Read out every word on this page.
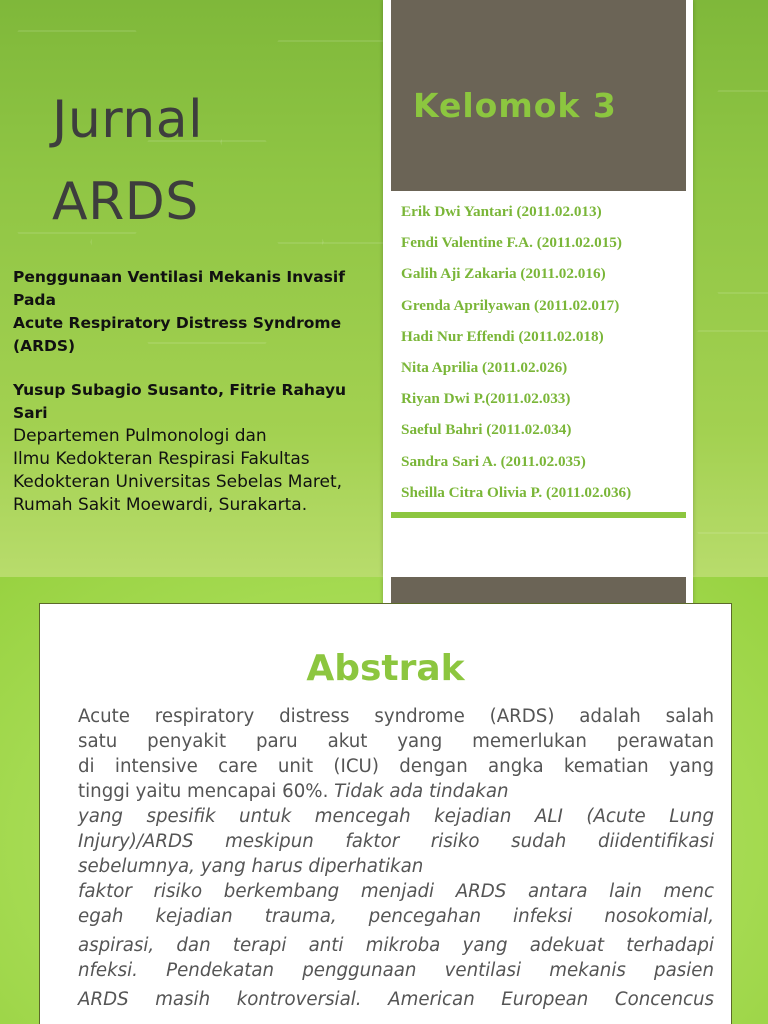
Jurnal
ARDS

Penggunaan Ventilasi Mekanis Invasif

Pada

Acute Respiratory Distress Syndrome

(ARDS)

Yusup Subagio Susanto, Fitrie Rahayu

Sari

Departemen Pulmonologi dan

Ilmu Kedokteran Respirasi Fakultas

Kedokteran Universitas Sebelas Maret,

Rumah Sakit Moewardi, Surakarta.

Kelomok 3
Erik Dwi Yantari (2011.02.013)
Fendi Valentine F.A. (2011.02.015)
Galih Aji Zakaria (2011.02.016)
Grenda Aprilyawan (2011.02.017)
Hadi Nur Effendi (2011.02.018)
Nita Aprilia (2011.02.026)
Riyan Dwi P.(2011.02.033)
Saeful Bahri (2011.02.034)
Sandra Sari A. (2011.02.035)
Sheilla Citra Olivia P. (2011.02.036)
Abstrak
Acute respiratory distress syndrome (ARDS) adalah salah
satu penyakit paru akut yang memerlukan perawatan
di intensive care unit (ICU) dengan angka kematian yang
tinggi yaitu mencapai 60%. Tidak ada tindakan
yang spesifik untuk mencegah kejadian ALI (Acute Lung
Injury)/ARDS meskipun faktor risiko sudah diidentifikasi
sebelumnya, yang harus diperhatikan
faktor risiko berkembang menjadi ARDS antara lain menc
egah kejadian trauma, pencegahan infeksi nosokomial,
aspirasi, dan terapi anti mikroba yang adekuat terhadapi
nfeksi. Pendekatan penggunaan ventilasi mekanis pasien
ARDS masih kontroversial. American European Concencus
